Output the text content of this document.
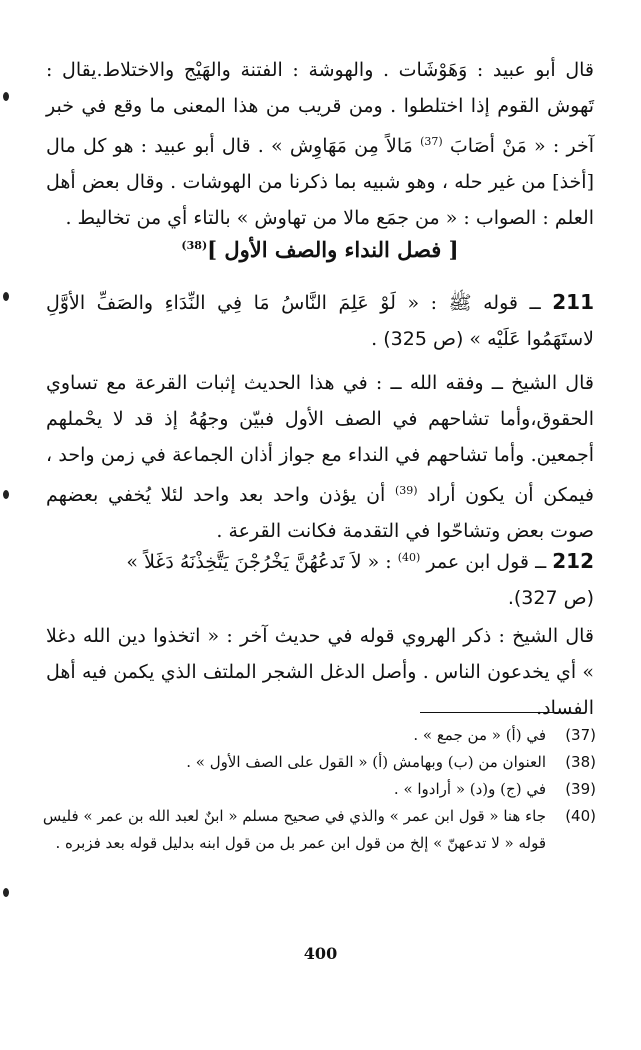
قال أبو عبيد : وَهَوْشَات . والهوشة : الفتنة والهَيْج والاختلاط.يقال : تَهوش القوم إذا اختلطوا . ومن قريب من هذا المعنى ما وقع في خبر آخر : « مَنْ أصَابَ $^{(37)}$ مَالاً مِن مَهَاوِش » . قال أبو عبيد : هو كل مال [أخذ] من غير حله ، وهو شبيه بما ذكرنا من الهوشات . وقال بعض أهل العلم : الصواب : « من جمَع مالا من تهاوش » بالتاء أي من تخاليط .

[ فصل النداء والصف الأول ]$^{(38)}$

211 ــ قوله ﷺ : « لَوْ عَلِمَ النَّاسُ مَا فِي النِّدَاءِ والصَفِّ الأوَّلِ لاستَهَمُوا عَلَيْه » (ص 325) .

قال الشيخ ــ وفقه الله ــ : في هذا الحديث إثبات القرعة مع تساوي الحقوق،وأما تشاحهم في الصف الأول فبيّن وجهُهُ إذ قد لا يحْملهم أجمعين. وأما تشاحهم في النداء مع جواز أذان الجماعة في زمن واحد ، فيمكن أن يكون أراد $^{(39)}$ أن يؤذن واحد بعد واحد لئلا يُخفي بعضهم صوت بعض وتشاحّوا في التقدمة فكانت القرعة .

212 ــ قول ابن عمر $^{(40)}$ : « لاَ تَدعُهُنَّ يَخْرُجْنَ يَتَّخِذْنَهُ دَغَلاً »
.(ص 327)

قال الشيخ : ذكر الهروي قوله في حديث آخر : « اتخذوا دين الله دغلا » أي يخدعون الناس . وأصل الدغل الشجر الملتف الذي يكمن فيه أهل الفساد.

(37)
في (أ) « من جمع » .
(38)
العنوان من (ب) وبهامش (أ) « القول على الصف الأول » .
(39)
في (ج) و(د) « أرادوا » .
(40)
جاء هنا « قول ابن عمر » والذي في صحيح مسلم « ابنٌ لعبد الله بن عمر » فليس قوله « لا تدعهنّ » إلخ من قول ابن عمر بل من قول ابنه بدليل قوله بعد فزبره .
400
